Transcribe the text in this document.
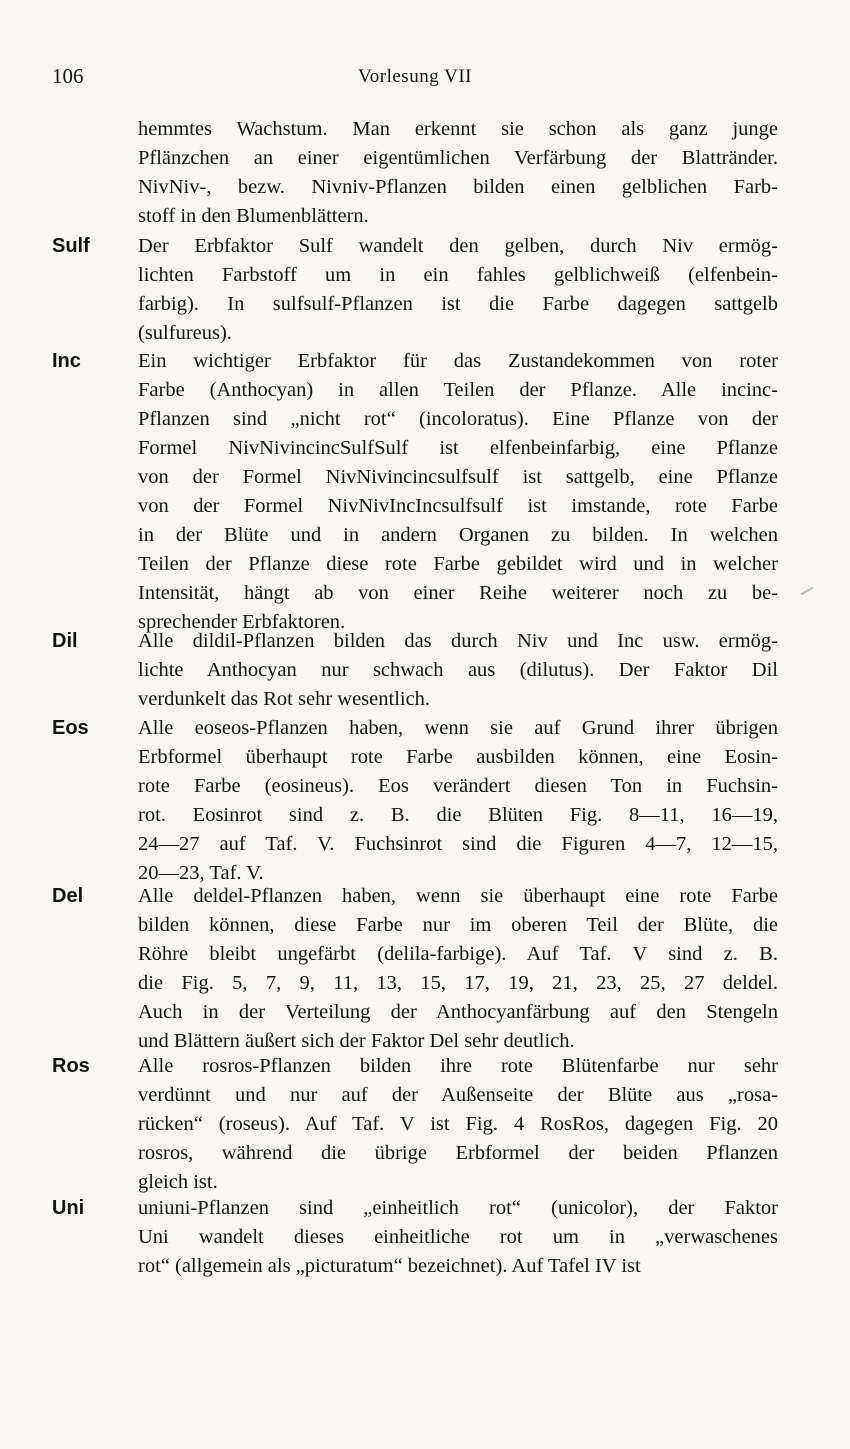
106	Vorlesung VII
hemmtes Wachstum. Man erkennt sie schon als ganz junge
Pflänzchen an einer eigentümlichen Verfärbung der Blattränder.
NivNiv-, bezw. Nivniv-Pflanzen bilden einen gelblichen Farb-
stoff in den Blumenblättern.
Sulf Der Erbfaktor Sulf wandelt den gelben, durch Niv ermög-
lichten Farbstoff um in ein fahles gelblichweiß (elfenbein-
farbig). In sulfsulf-Pflanzen ist die Farbe dagegen sattgelb
(sulfureus).
Inc	Ein wichtiger Erbfaktor für das Zustandekommen von roter
Farbe (Anthocyan) in allen Teilen der Pflanze. Alle incinc-
Pflanzen sind „nicht rot“ (incoloratus). Eine Pflanze von der
Formel NivNivincincSulfSulf ist elfenbeinfarbig, eine Pflanze
von der Formel NivNivincincsulfsulf ist sattgelb, eine Pflanze
von der Formel NivNivIncIncsulfsulf ist imstande, rote Farbe
in der Blüte und in andern Organen zu bilden. In welchen
Teilen der Pflanze diese rote Farbe gebildet wird und in welcher
Intensität, hängt ab von einer Reihe weiterer noch zu be-
sprechender Erbfaktoren.
Dil	Alle dildil-Pflanzen bilden das durch Niv und Inc usw. ermög-
lichte Anthocyan nur schwach aus (dilutus). Der Faktor Dil
verdunkelt das Rot sehr wesentlich.
Eos Alle eoseos-Pflanzen haben, wenn sie auf Grund ihrer übrigen
Erbformel überhaupt rote Farbe ausbilden können, eine Eosin-
rote Farbe (eosineus). Eos verändert diesen Ton in Fuchsin-
rot. Eosinrot sind z. B. die Blüten Fig. 8—11, 16—19,
24—27 auf Taf. V. Fuchsinrot sind die Figuren 4—7, 12—15,
20—23, Taf. V.
Del	Alle deldel-Pflanzen haben, wenn sie überhaupt eine rote Farbe
bilden können, diese Farbe nur im oberen Teil der Blüte, die
Röhre bleibt ungefärbt (delila-farbige). Auf Taf. V sind z. B.
die Fig. 5, 7, 9, 11, 13, 15, 17, 19, 21, 23, 25, 27 deldel.
Auch in der Verteilung der Anthocyanfärbung auf den Stengeln
und Blättern äußert sich der Faktor Del sehr deutlich.
Ros Alle rosros-Pflanzen bilden ihre rote Blütenfarbe nur sehr
verdünnt und nur auf der Außenseite der Blüte aus „rosa-
rücken“ (roseus). Auf Taf. V ist Fig. 4 RosRos, dagegen Fig. 20
rosros, während die übrige Erbformel der beiden Pflanzen
gleich ist.
Uni	uniuni-Pflanzen sind „einheitlich rot“ (unicolor), der Faktor
Uni wandelt dieses einheitliche rot um in „verwaschenes
rot“ (allgemein als „picturatum“ bezeichnet). Auf Tafel IV ist
